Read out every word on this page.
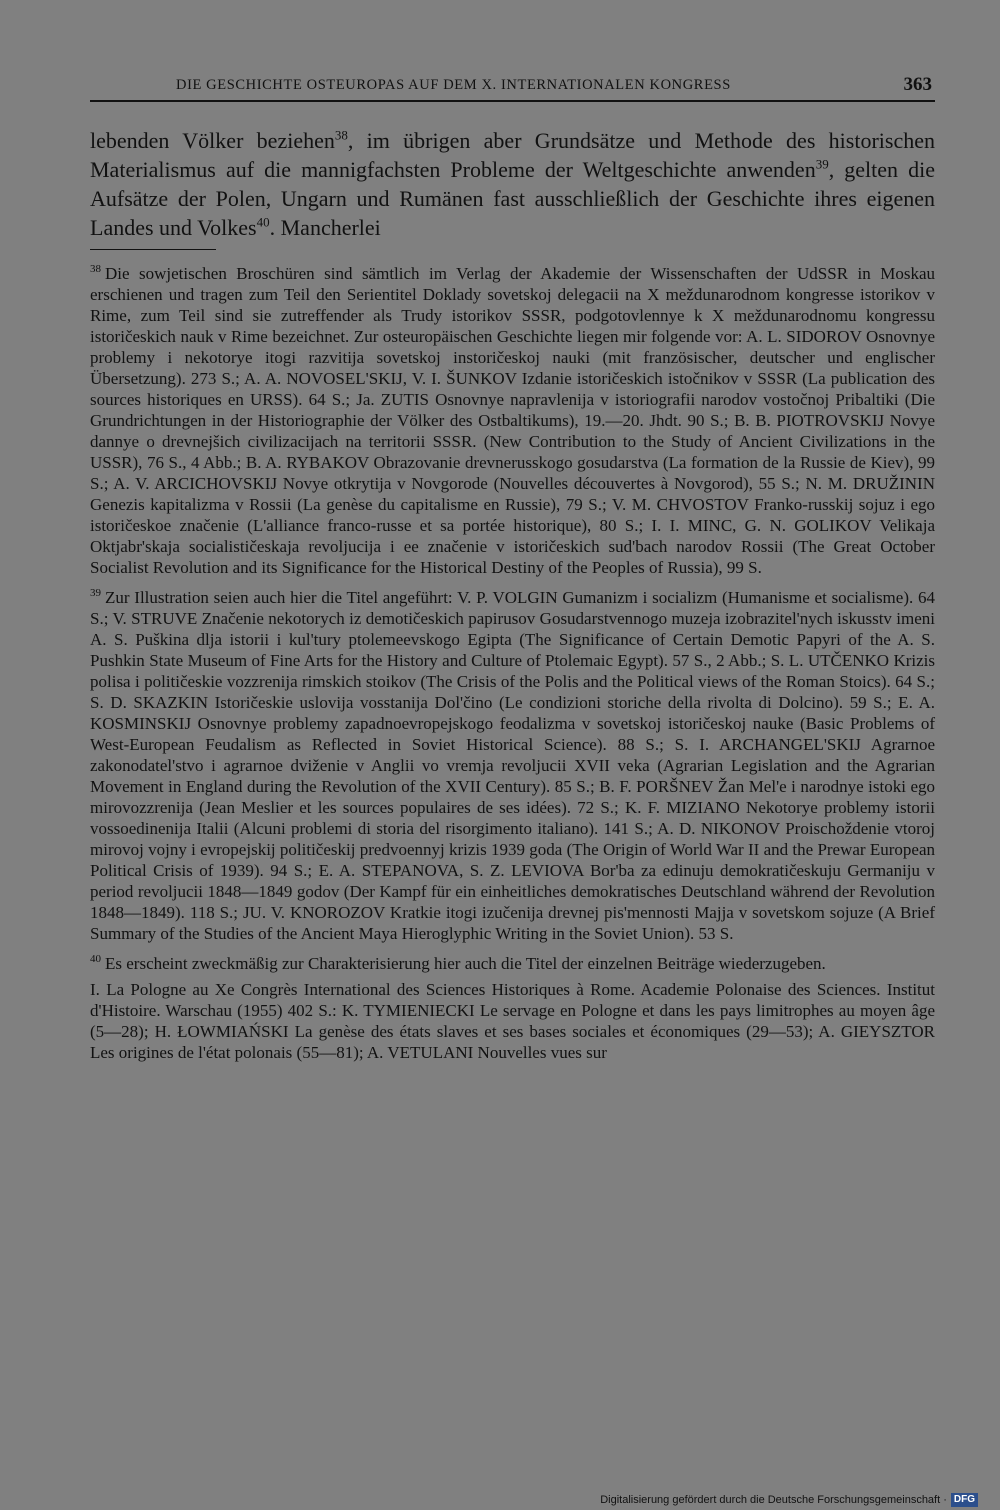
DIE GESCHICHTE OSTEUROPAS AUF DEM X. INTERNATIONALEN KONGRESS	363

lebenden Völker beziehen$^{38}$, im übrigen aber Grundsätze und Methode des historischen Materialismus auf die mannigfachsten Probleme der Weltgeschichte anwenden$^{39}$, gelten die Aufsätze der Polen, Ungarn und Rumänen fast ausschließlich der Geschichte ihres eigenen Landes und Volkes$^{40}$. Mancherlei

$^{38}$ Die sowjetischen Broschüren sind sämtlich im Verlag der Akademie der Wissenschaften der UdSSR in Moskau erschienen und tragen zum Teil den Serientitel Doklady sovetskoj delegacii na X meždunarodnom kongresse istorikov v Rime, zum Teil sind sie zutreffender als Trudy istorikov SSSR, podgotovlennye k X meždunarodnomu kongressu istoričeskich nauk v Rime bezeichnet. Zur osteuropäischen Geschichte liegen mir folgende vor: A. L. SIDOROV Osnovnye problemy i nekotorye itogi razvitija sovetskoj instoričeskoj nauki (mit französischer, deutscher und englischer Übersetzung). 273 S.; A. A. NOVOSEL'SKIJ, V. I. ŠUNKOV Izdanie istoričeskich istočnikov v SSSR (La publication des sources historiques en URSS). 64 S.; Ja. ZUTIS Osnovnye napravlenija v istoriografii narodov vostočnoj Pribaltiki (Die Grundrichtungen in der Historiographie der Völker des Ostbaltikums), 19.—20. Jhdt. 90 S.; B. B. PIOTROVSKIJ Novye dannye o drevnejšich civilizacijach na territorii SSSR. (New Contribution to the Study of Ancient Civilizations in the USSR), 76 S., 4 Abb.; B. A. RYBAKOV Obrazovanie drevnerusskogo gosudarstva (La formation de la Russie de Kiev), 99 S.; A. V. ARCICHOVSKIJ Novye otkrytija v Novgorode (Nouvelles découvertes à Novgorod), 55 S.; N. M. DRUŽININ Genezis kapitalizma v Rossii (La genèse du capitalisme en Russie), 79 S.; V. M. CHVOSTOV Franko-russkij sojuz i ego istoričeskoe značenie (L'alliance franco-russe et sa portée historique), 80 S.; I. I. MINC, G. N. GOLIKOV Velikaja Oktjabr'skaja socialističeskaja revoljucija i ee značenie v istoričeskich sud'bach narodov Rossii (The Great October Socialist Revolution and its Significance for the Historical Destiny of the Peoples of Russia), 99 S.

$^{39}$ Zur Illustration seien auch hier die Titel angeführt: V. P. VOLGIN Gumanizm i socializm (Humanisme et socialisme). 64 S.; V. STRUVE Značenie nekotorych iz demotičeskich papirusov Gosudarstvennogo muzeja izobrazitel'nych iskusstv imeni A. S. Puškina dlja istorii i kul'tury ptolemeevskogo Egipta (The Significance of Certain Demotic Papyri of the A. S. Pushkin State Museum of Fine Arts for the History and Culture of Ptolemaic Egypt). 57 S., 2 Abb.; S. L. UTČENKO Krizis polisa i političeskie vozzrenija rimskich stoikov (The Crisis of the Polis and the Political views of the Roman Stoics). 64 S.; S. D. SKAZKIN Istoričeskie uslovija vosstanija Dol'čino (Le condizioni storiche della rivolta di Dolcino). 59 S.; E. A. KOSMINSKIJ Osnovnye problemy zapadnoevropejskogo feodalizma v sovetskoj istoričeskoj nauke (Basic Problems of West-European Feudalism as Reflected in Soviet Historical Science). 88 S.; S. I. ARCHANGEL'SKIJ Agrarnoe zakonodatel'stvo i agrarnoe dviženie v Anglii vo vremja revoljucii XVII veka (Agrarian Legislation and the Agrarian Movement in England during the Revolution of the XVII Century). 85 S.; B. F. PORŠNEV Žan Mel'e i narodnye istoki ego mirovozzrenija (Jean Meslier et les sources populaires de ses idées). 72 S.; K. F. MIZIANO Nekotorye problemy istorii vossoedinenija Italii (Alcuni problemi di storia del risorgimento italiano). 141 S.; A. D. NIKONOV Proischoždenie vtoroj mirovoj vojny i evropejskij političeskij predvoennyj krizis 1939 goda (The Origin of World War II and the Prewar European Political Crisis of 1939). 94 S.; E. A. STEPANOVA, S. Z. LEVIOVA Bor'ba za edinuju demokratičeskuju Germaniju v period revoljucii 1848—1849 godov (Der Kampf für ein einheitliches demokratisches Deutschland während der Revolution 1848—1849). 118 S.; JU. V. KNOROZOV Kratkie itogi izučenija drevnej pis'mennosti Majja v sovetskom sojuze (A Brief Summary of the Studies of the Ancient Maya Hieroglyphic Writing in the Soviet Union). 53 S.

$^{40}$ Es erscheint zweckmäßig zur Charakterisierung hier auch die Titel der einzelnen Beiträge wiederzugeben.

I. La Pologne au Xe Congrès International des Sciences Historiques à Rome. Academie Polonaise des Sciences. Institut d'Histoire. Warschau (1955) 402 S.: K. TYMIENIECKI Le servage en Pologne et dans les pays limitrophes au moyen âge (5—28); H. ŁOWMIAŃSKI La genèse des états slaves et ses bases sociales et économiques (29—53); A. GIEYSZTOR Les origines de l'état polonais (55—81); A. VETULANI Nouvelles vues sur

Digitalisierung gefördert durch die Deutsche Forschungsgemeinschaft · DFG
